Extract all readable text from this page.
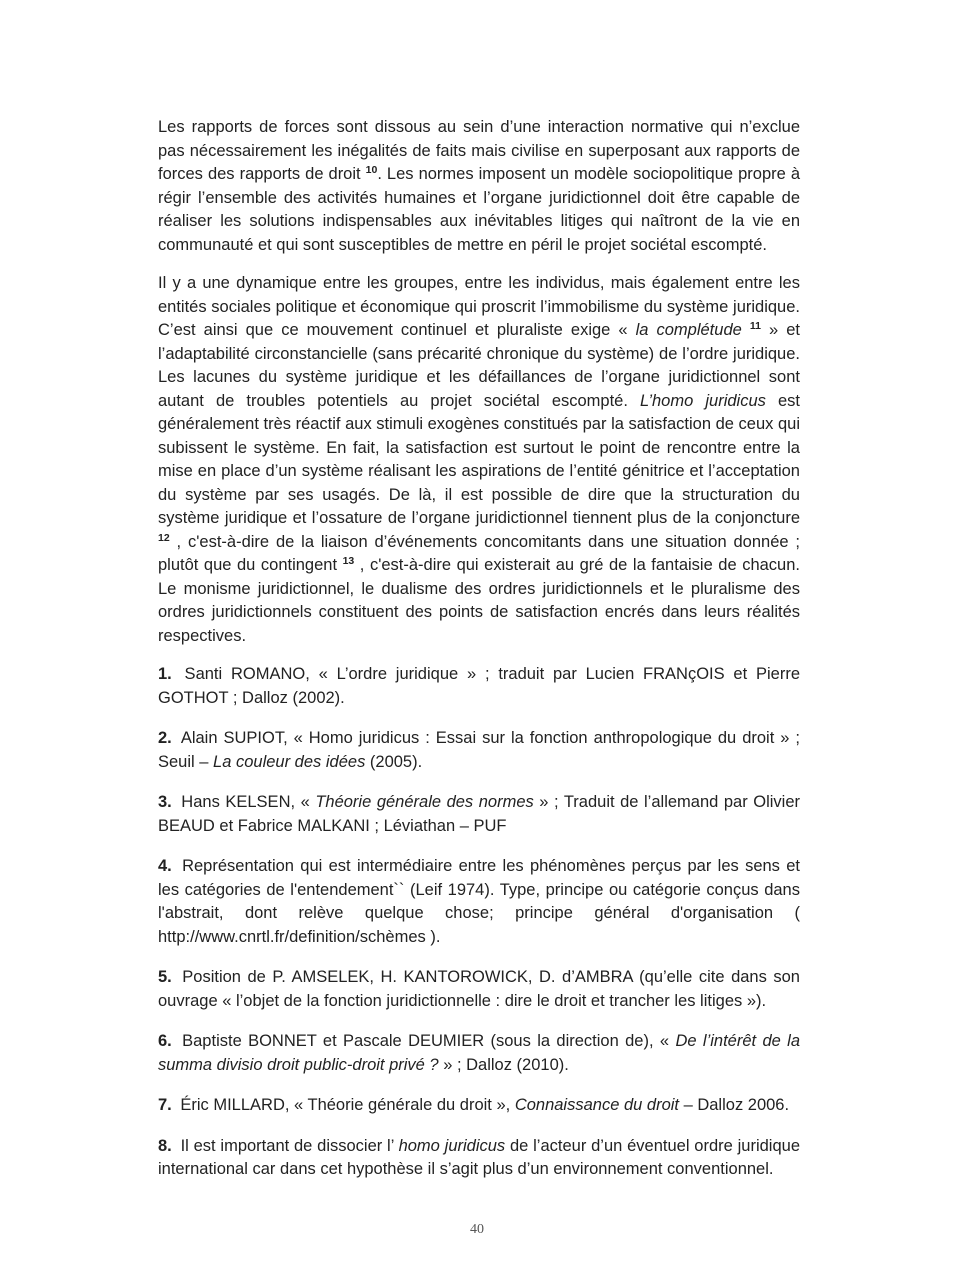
Les rapports de forces sont dissous au sein d’une interaction normative qui n’exclue pas nécessairement les inégalités de faits mais civilise en superposant aux rapports de forces des rapports de droit $^{10}$. Les normes imposent un modèle sociopolitique propre à régir l’ensemble des activités humaines et l’organe juridictionnel doit être capable de réaliser les solutions indispensables aux inévitables litiges qui naîtront de la vie en communauté et qui sont susceptibles de mettre en péril le projet sociétal escompté.

Il y a une dynamique entre les groupes, entre les individus, mais également entre les entités sociales politique et économique qui proscrit l’immobilisme du système juridique. C’est ainsi que ce mouvement continuel et pluraliste exige « la complétude $^{11}$ » et l’adaptabilité circonstancielle (sans précarité chronique du système) de l’ordre juridique. Les lacunes du système juridique et les défaillances de l’organe juridictionnel sont autant de troubles potentiels au projet sociétal escompté. L’homo juridicus est généralement très réactif aux stimuli exogènes constitués par la satisfaction de ceux qui subissent le système. En fait, la satisfaction est surtout le point de rencontre entre la mise en place d’un système réalisant les aspirations de l’entité génitrice et l’acceptation du système par ses usagés. De là, il est possible de dire que la structuration du système juridique et l’ossature de l’organe juridictionnel tiennent plus de la conjoncture $^{12}$ , c'est-à-dire de la liaison d’événements concomitants dans une situation donnée ; plutôt que du contingent $^{13}$ , c'est-à-dire qui existerait au gré de la fantaisie de chacun. Le monisme juridictionnel, le dualisme des ordres juridictionnels et le pluralisme des ordres juridictionnels constituent des points de satisfaction encrés dans leurs réalités respectives.

1. Santi ROMANO, « L’ordre juridique » ; traduit par Lucien FRANçOIS et Pierre GOTHOT ; Dalloz (2002).

2. Alain SUPIOT, « Homo juridicus : Essai sur la fonction anthropologique du droit » ; Seuil – La couleur des idées (2005).

3. Hans KELSEN, « Théorie générale des normes » ; Traduit de l’allemand par Olivier BEAUD et Fabrice MALKANI ; Léviathan – PUF

4. Représentation qui est intermédiaire entre les phénomènes perçus par les sens et les catégories de l'entendement`` (Leif 1974). Type, principe ou catégorie conçus dans l'abstrait, dont relève quelque chose; principe général d'organisation ( http://www.cnrtl.fr/definition/schèmes ).

5. Position de P. AMSELEK, H. KANTOROWICK, D. d’AMBRA (qu’elle cite dans son ouvrage « l’objet de la fonction juridictionnelle : dire le droit et trancher les litiges »).

6. Baptiste BONNET et Pascale DEUMIER (sous la direction de), « De l’intérêt de la summa divisio droit public-droit privé ? » ; Dalloz (2010).

7. Éric MILLARD, « Théorie générale du droit », Connaissance du droit – Dalloz 2006.

8. Il est important de dissocier l’ homo juridicus de l’acteur d’un éventuel ordre juridique international car dans cet hypothèse il s’agit plus d’un environnement conventionnel.

40
